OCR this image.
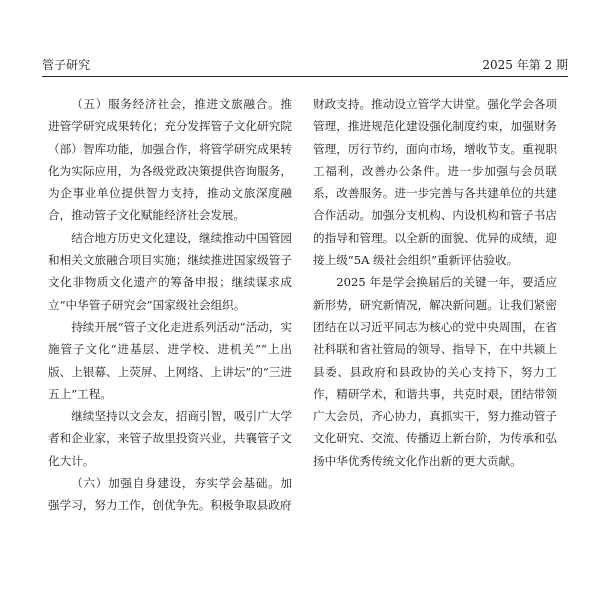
管子研究	2025 年第 2 期

（五）服务经济社会，推进文旅融合。推进管学研究成果转化；充分发挥管子文化研究院（部）智库功能，加强合作，将管学研究成果转化为实际应用，为各级党政决策提供咨询服务，为企事业单位提供智力支持，推动文旅深度融合，推动管子文化赋能经济社会发展。

结合地方历史文化建设，继续推动中国管园和相关文旅融合项目实施；继续推进国家级管子文化非物质文化遗产的筹备申报；继续谋求成立“中华管子研究会”国家级社会组织。

持续开展“管子文化走进系列活动”活动，实施管子文化“进基层、进学校、进机关”“上出版、上银幕、上荧屏、上网络、上讲坛”的“三进五上”工程。

继续坚持以文会友，招商引智，吸引广大学者和企业家，来管子故里投资兴业，共襄管子文化大计。

（六）加强自身建设，夯实学会基础。加强学习，努力工作，创优争先。积极争取县政府

财政支持。推动设立管学大讲堂。强化学会各项管理，推进规范化建设强化制度约束，加强财务管理，厉行节约，面向市场，增收节支。重视职工福利，改善办公条件。进一步加强与会员联系，改善服务。进一步完善与各共建单位的共建合作活动。加强分支机构、内设机构和管子书店的指导和管理。以全新的面貌、优异的成绩，迎接上级“5A 级社会组织”重新评估验收。

2025 年是学会换届后的关键一年，要适应新形势，研究新情况，解决新问题。让我们紧密团结在以习近平同志为核心的党中央周围，在省社科联和省社管局的领导、指导下，在中共颍上县委、县政府和县政协的关心支持下，努力工作，精研学术，和谐共事，共克时艰，团结带领广大会员，齐心协力，真抓实干，努力推动管子文化研究、交流、传播迈上新台阶，为传承和弘扬中华优秀传统文化作出新的更大贡献。
